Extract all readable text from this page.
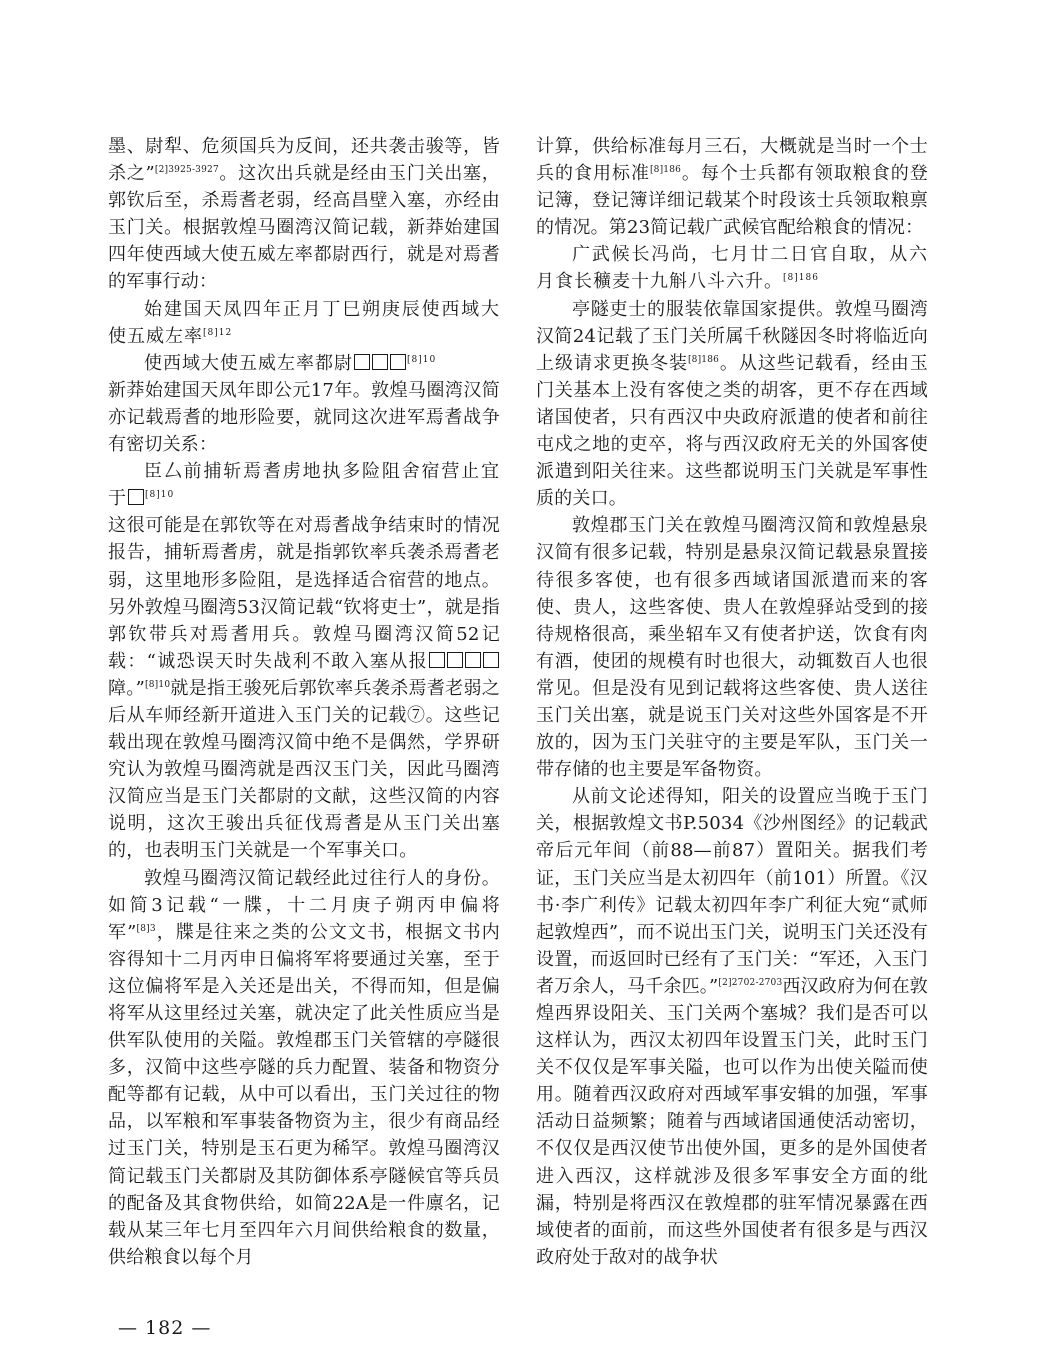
墨、尉犁、危须国兵为反间，还共袭击骏等，皆杀之”$^{[2]3925-3927}$。这次出兵就是经由玉门关出塞，郭钦后至，杀焉耆老弱，经高昌壁入塞，亦经由玉门关。根据敦煌马圈湾汉简记载，新莽始建国四年使西域大使五威左率都尉西行，就是对焉耆的军事行动：

始建国天凤四年正月丁巳朔庚辰使西域大使五威左率$^{[8]12}$

使西域大使五威左率都尉	$^{[8]10}$

新莽始建国天凤年即公元17年。敦煌马圈湾汉简亦记载焉耆的地形险要，就同这次进军焉耆战争有密切关系：

臣厶前捕斩焉耆虏地执多险阻舍宿营止宜于 $^{[8]10}$

这很可能是在郭钦等在对焉耆战争结束时的情况报告，捕斩焉耆虏，就是指郭钦率兵袭杀焉耆老弱，这里地形多险阻，是选择适合宿营的地点。另外敦煌马圈湾53汉简记载“钦将吏士”，就是指郭钦带兵对焉耆用兵。敦煌马圈湾汉简52记载：“诚恐误天时失战利不敢入塞从报障。”$^{[8]10}$就是指王骏死后郭钦率兵袭杀焉耆老弱之后从车师经新开道进入玉门关的记载⑦。这些记载出现在敦煌马圈湾汉简中绝不是偶然，学界研究认为敦煌马圈湾就是西汉玉门关，因此马圈湾汉简应当是玉门关都尉的文献，这些汉简的内容说明，这次王骏出兵征伐焉耆是从玉门关出塞的，也表明玉门关就是一个军事关口。

敦煌马圈湾汉简记载经此过往行人的身份。如简3记载“一牒，十二月庚子朔丙申偏将军”$^{[8]3}$，牒是往来之类的公文文书，根据文书内容得知十二月丙申日偏将军将要通过关塞，至于这位偏将军是入关还是出关，不得而知，但是偏将军从这里经过关塞，就决定了此关性质应当是供军队使用的关隘。敦煌郡玉门关管辖的亭隧很多，汉简中这些亭隧的兵力配置、装备和物资分配等都有记载，从中可以看出，玉门关过往的物品，以军粮和军事装备物资为主，很少有商品经过玉门关，特别是玉石更为稀罕。敦煌马圈湾汉简记载玉门关都尉及其防御体系亭隧候官等兵员的配备及其食物供给，如简22A是一件廪名，记载从某三年七月至四年六月间供给粮食的数量，供给粮食以每个月

计算，供给标准每月三石，大概就是当时一个士兵的食用标准$^{[8]186}$。每个士兵都有领取粮食的登记簿，登记簿详细记载某个时段该士兵领取粮禀的情况。第23简记载广武候官配给粮食的情况：

广武候长冯尚，七月廿二日官自取，从六月食长穬麦十九斛八斗六升。$^{[8]186}$

亭隧吏士的服装依靠国家提供。敦煌马圈湾汉简24记载了玉门关所属千秋隧因冬时将临近向上级请求更换冬装$^{[8]186}$。从这些记载看，经由玉门关基本上没有客使之类的胡客，更不存在西域诸国使者，只有西汉中央政府派遣的使者和前往屯戍之地的吏卒，将与西汉政府无关的外国客使派遣到阳关往来。这些都说明玉门关就是军事性质的关口。

敦煌郡玉门关在敦煌马圈湾汉简和敦煌悬泉汉简有很多记载，特别是悬泉汉简记载悬泉置接待很多客使，也有很多西域诸国派遣而来的客使、贵人，这些客使、贵人在敦煌驿站受到的接待规格很高，乘坐轺车又有使者护送，饮食有肉有酒，使团的规模有时也很大，动辄数百人也很常见。但是没有见到记载将这些客使、贵人送往玉门关出塞，就是说玉门关对这些外国客是不开放的，因为玉门关驻守的主要是军队，玉门关一带存储的也主要是军备物资。

从前文论述得知，阳关的设置应当晚于玉门关，根据敦煌文书P.5034《沙州图经》的记载武帝后元年间（前88—前87）置阳关。据我们考证，玉门关应当是太初四年（前101）所置。《汉书·李广利传》记载太初四年李广利征大宛“贰师起敦煌西”，而不说出玉门关，说明玉门关还没有设置，而返回时已经有了玉门关：“军还，入玉门者万余人，马千余匹。”$^{[2]2702-2703}$西汉政府为何在敦煌西界设阳关、玉门关两个塞城？我们是否可以这样认为，西汉太初四年设置玉门关，此时玉门关不仅仅是军事关隘，也可以作为出使关隘而使用。随着西汉政府对西域军事安辑的加强，军事活动日益频繁；随着与西域诸国通使活动密切，不仅仅是西汉使节出使外国，更多的是外国使者进入西汉，这样就涉及很多军事安全方面的纰漏，特别是将西汉在敦煌郡的驻军情况暴露在西域使者的面前，而这些外国使者有很多是与西汉政府处于敌对的战争状

— 182 —
